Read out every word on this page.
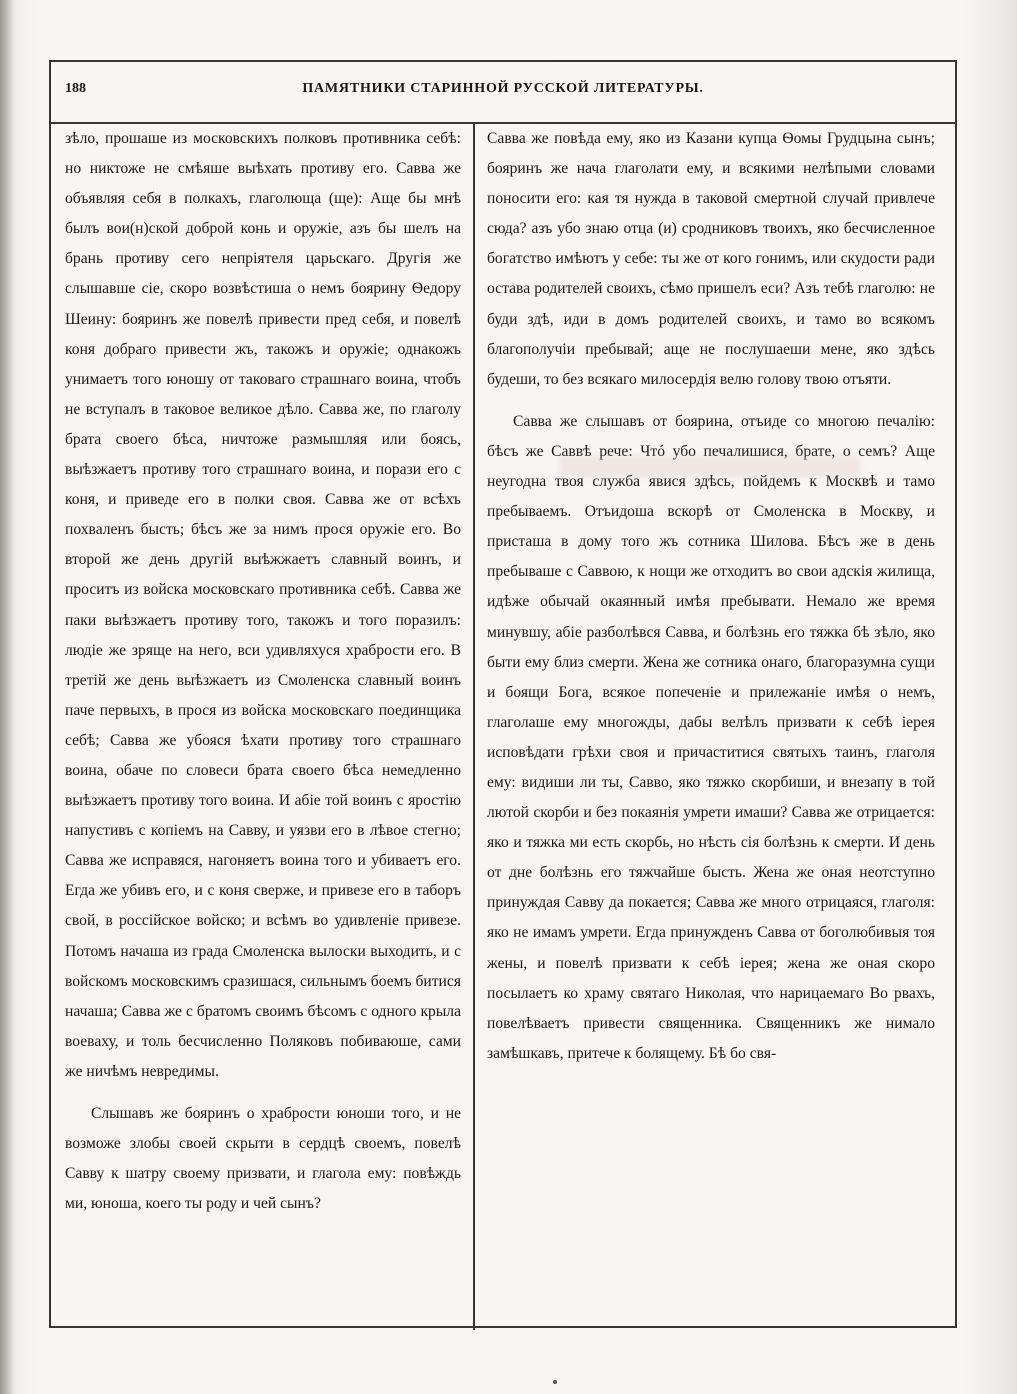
188	ПАМЯТНИКИ СТАРИННОЙ РУССКОЙ ЛИТЕРАТУРЫ.

зѣло, прошаше из московскихъ полковъ противника себѣ: но никтоже не смѣяше выѣхать противу его. Савва же объявляя себя в полкахъ, глаголюща (ще): Аще бы мнѣ былъ вои(н)ской доброй конь и оружіе, азъ бы шелъ на брань противу сего непріятеля царьскаго. Другія же слышавше сіе, скоро возвѣстиша о немъ боярину Ѳедору Шеину: бояринъ же повелѣ привести пред себя, и повелѣ коня добраго привести жъ, такожъ и оружіе; однакожъ унимаетъ того юношу от таковаго страшнаго воина, чтобъ не вступалъ в таковое великое дѣло. Савва же, по глаголу брата своего бѣса, ничтоже размышляя или боясь, выѣзжаетъ противу того страшнаго воина, и порази его с коня, и приведе его в полки своя. Савва же от всѣхъ похваленъ бысть; бѣсъ же за нимъ прося оружіе его. Во второй же день другій выѣжжаетъ славный воинъ, и проситъ из войска московскаго противника себѣ. Савва же паки выѣзжаетъ противу того, такожъ и того поразилъ: людіе же зряще на него, вси удивляхуся храбрости его. В третій же день выѣзжаетъ из Смоленска славный воинъ паче первыхъ, в прося из войска московскаго поединщика себѣ; Савва же убояся ѣхати противу того страшнаго воина, обаче по словеси брата своего бѣса немедленно выѣзжаетъ противу того воина. И абіе той воинъ с яростію напустивъ с копіемъ на Савву, и уязви его в лѣвое стегно; Савва же исправяся, нагоняетъ воина того и убиваетъ его. Егда же убивъ его, и с коня сверже, и привезе его в таборъ свой, в россійское войско; и всѣмъ во удивленіе привезе. Потомъ начаша из града Смоленска вылоски выходить, и с войскомъ московскимъ сразишася, сильнымъ боемъ битися начаша; Савва же с братомъ своимъ бѣсомъ с одного крыла воеваху, и толь бесчисленно Поляковъ побиваюше, сами же ничѣмъ невредимы.

Слышавъ же бояринъ о храбрости юноши того, и не возможе злобы своей скрыти в сердцѣ своемъ, повелѣ Савву к шатру своему призвати, и глагола ему: повѣждь ми, юноша, коего ты роду и чей сынъ?

Савва же повѣда ему, яко из Казани купца Ѳомы Грудцына сынъ; бояринъ же нача глаголати ему, и всякими нелѣпыми словами поносити его: кая тя нужда в таковой смертной случай привлече сюда? азъ убо знаю отца (и) сродниковъ твоихъ, яко бесчисленное богатство имѣютъ у себе: ты же от кого гонимъ, или скудости ради остава родителей своихъ, сѣмо пришелъ еси? Азъ тебѣ глаголю: не буди здѣ, иди в домъ родителей своихъ, и тамо во всякомъ благополучіи пребывай; аще не послушаеши мене, яко здѣсь будеши, то без всякаго милосердія велю голову твою отъяти.

Савва же слышавъ от боярина, отъиде со многою печалію: бѣсъ же Саввѣ рече: Чтó убо печалишися, брате, о семъ? Аще неугодна твоя служба явися здѣсь, пойдемъ к Москвѣ и тамо пребываемъ. Отъидоша вскорѣ от Смоленска в Москву, и присташа в дому того жъ сотника Шилова. Бѣсъ же в день пребываше с Саввою, к нощи же отходитъ во свои адскія жилища, идѣже обычай окаянный имѣя пребывати. Немало же время минувшу, абіе разболѣвся Савва, и болѣзнь его тяжка бѣ зѣло, яко быти ему близ смерти. Жена же сотника онаго, благоразумна сущи и боящи Бога, всякое попеченіе и прилежаніе имѣя о немъ, глаголаше ему многожды, дабы велѣлъ призвати к себѣ іерея исповѣдати грѣхи своя и причаститися святыхъ таинъ, глаголя ему: видиши ли ты, Савво, яко тяжко скорбиши, и внезапу в той лютой скорби и без покаянія умрети имаши? Савва же отрицается: яко и тяжка ми есть скорбь, но нѣсть сія болѣзнь к смерти. И день от дне болѣзнь его тяжчайше бысть. Жена же оная неотступно принуждая Савву да покается; Савва же много отрицаяся, глаголя: яко не имамъ умрети. Егда принужденъ Савва от боголюбивыя тоя жены, и повелѣ призвати к себѣ іерея; жена же оная скоро посылаетъ ко храму святаго Николая, что нарицаемаго Во рвахъ, повелѣваетъ привести священника. Священникъ же нимало замѣшкавъ, притече к болящему. Бѣ бо свя-
